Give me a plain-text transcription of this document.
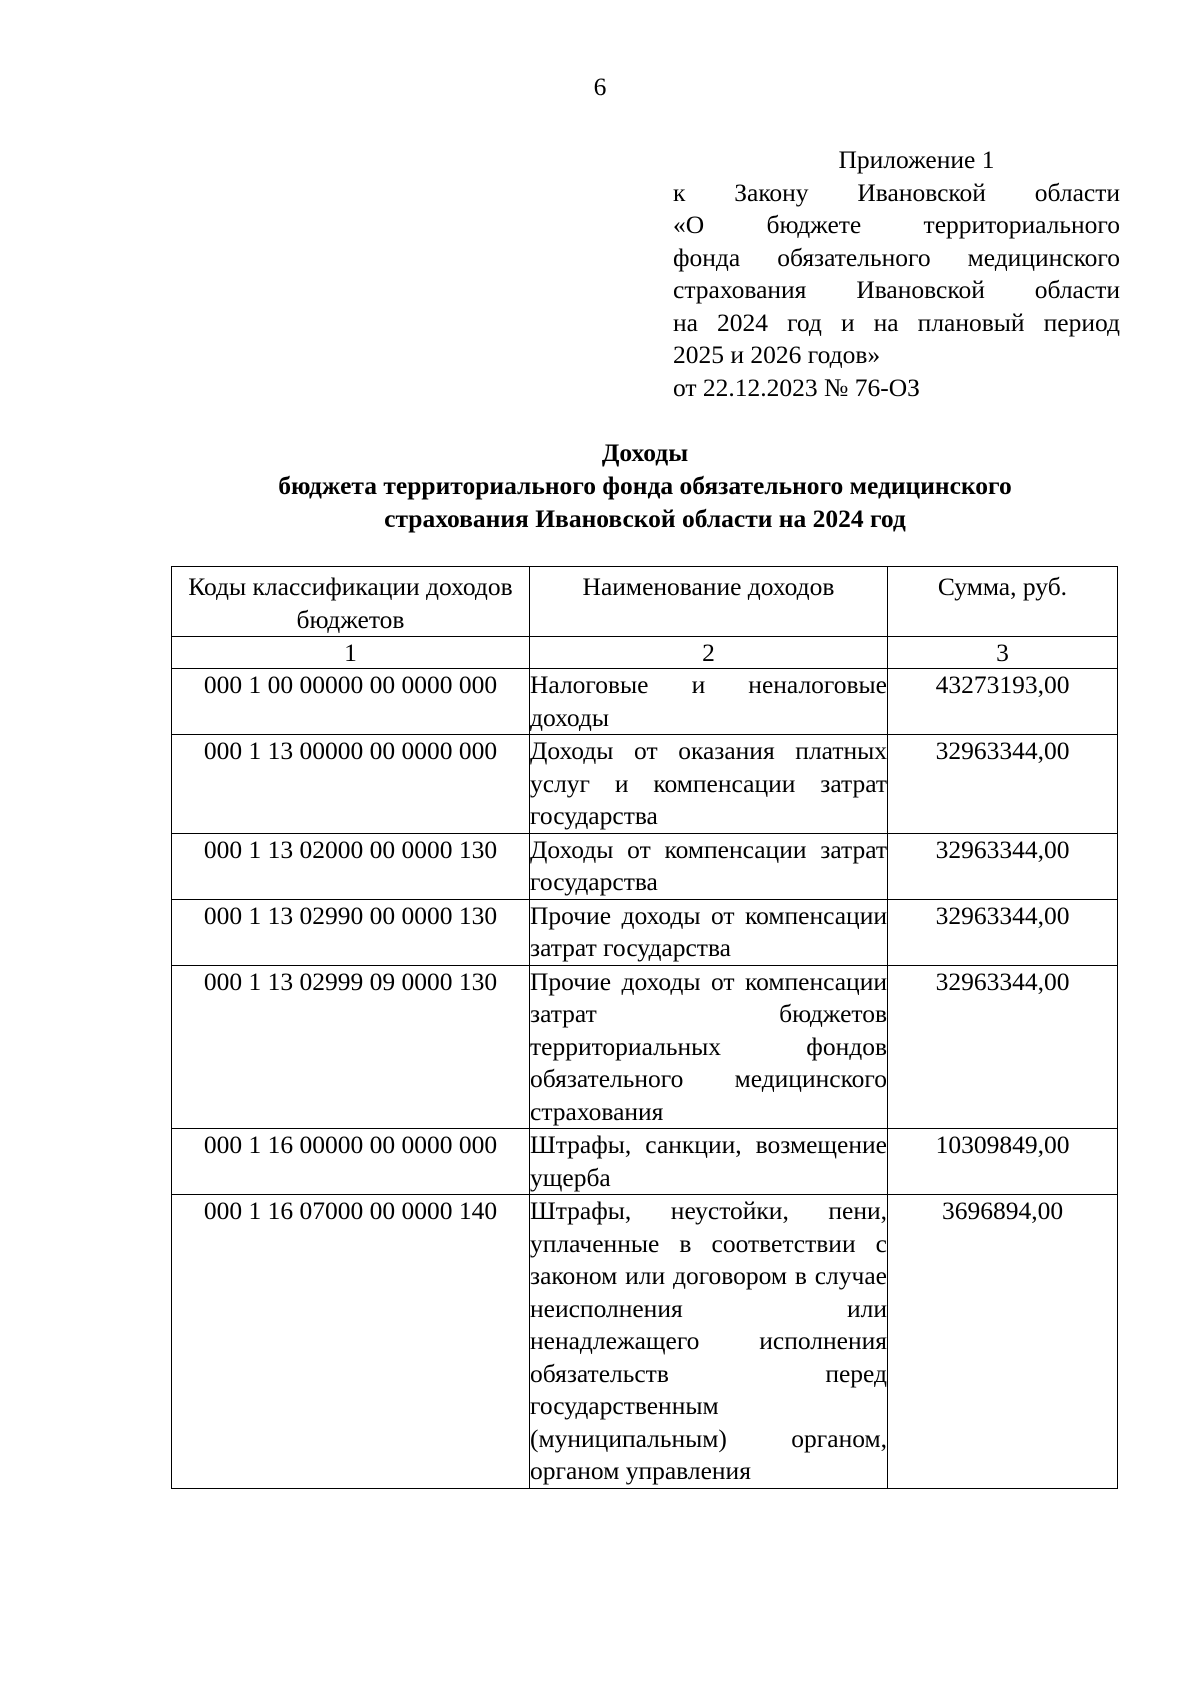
6
Приложение 1
к Закону Ивановской области
«О бюджете территориального
фонда обязательного медицинского
страхования Ивановской области
на 2024 год и на плановый период
2025 и 2026 годов»
от 22.12.2023 № 76-ОЗ
Доходы
бюджета территориального фонда обязательного медицинского
страхования Ивановской области на 2024 год
Коды классификации доходов бюджетов	Наименование доходов	Сумма, руб.
1	2	3
000 1 00 00000 00 0000 000	Налоговые и неналоговые доходы	43273193,00
000 1 13 00000 00 0000 000	Доходы от оказания платных услуг и компенсации затрат государства	32963344,00
000 1 13 02000 00 0000 130	Доходы от компенсации затрат государства	32963344,00
000 1 13 02990 00 0000 130	Прочие доходы от компенсации затрат государства	32963344,00
000 1 13 02999 09 0000 130	Прочие доходы от компенсации затрат бюджетов территориальных фондов обязательного медицинского страхования	32963344,00
000 1 16 00000 00 0000 000	Штрафы, санкции, возмещение ущерба	10309849,00
000 1 16 07000 00 0000 140	Штрафы, неустойки, пени, уплаченные в соответствии с законом или договором в случае неисполнения или ненадлежащего исполнения обязательств перед государственным (муниципальным) органом, органом управления	3696894,00
